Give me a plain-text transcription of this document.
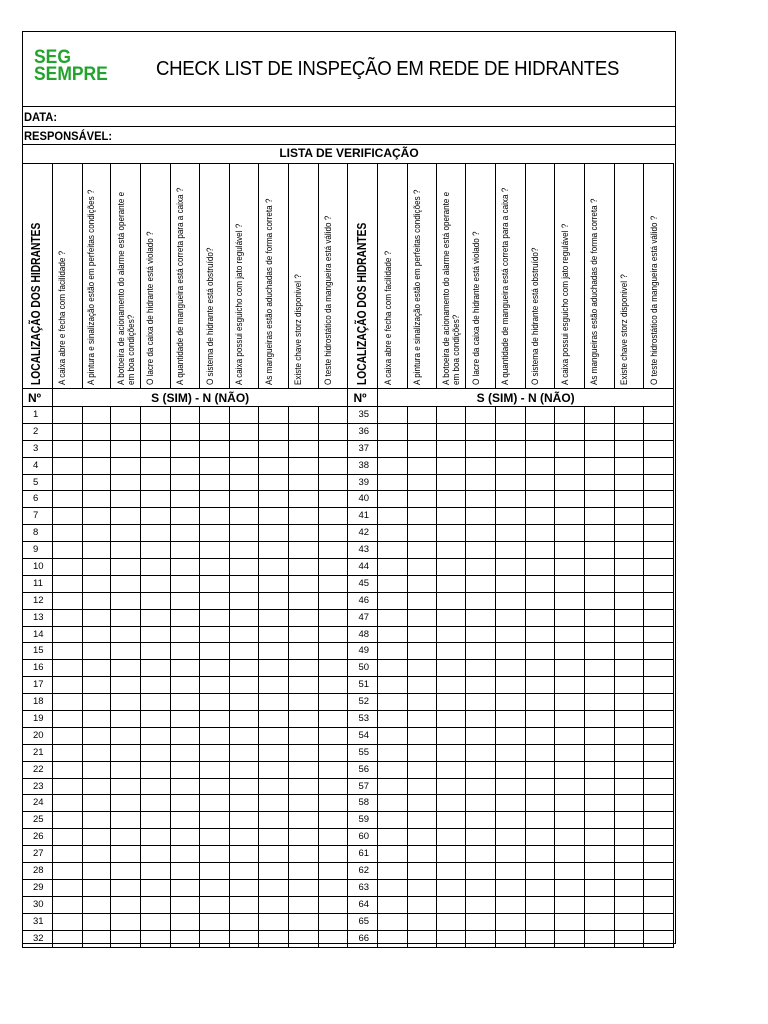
SEG
SEMPRE CHECK LIST DE INSPEÇÃO EM REDE DE HIDRANTES
DATA:
RESPONSÁVEL:
LISTA DE VERIFICAÇÃO
LOCALIZAÇÃO DOS HIDRANTES	A caixa abre e fecha com facilidade ?	A pintura e sinalização estão em perfeitas condições ?	A botoeira de acionamento do alarme está operante e em boa condições?	O lacre da caixa de hidrante está violado ?	A quantidade de mangueira está correta para a caixa ?	O sistema de hidrante está obstruído?	A caixa possui esguicho com jato regulável ?	As mangueiras estão aduchadas de forma correta ?	Existe chave storz disponivel ?	O teste hidrostático da mangueira está válido ?	LOCALIZAÇÃO DOS HIDRANTES	A caixa abre e fecha com facilidade ?	A pintura e sinalização estão em perfeitas condições ?	A botoeira de acionamento do alarme está operante e em boa condições?	O lacre da caixa de hidrante está violado ?	A quantidade de mangueira está correta para a caixa ?	O sistema de hidrante está obstruído?	A caixa possui esguicho com jato regulável ?	As mangueiras estão aduchadas de forma correta ?	Existe chave storz disponivel ?	O teste hidrostático da mangueira está válido ?

Nº	S (SIM) - N (NÃO)										Nº	S (SIM) - N (NÃO)									
1											35										
2											36										
3											37										
4											38										
5											39										
6											40										
7											41										
8											42										
9											43										
10											44										
11											45										
12											46										
13											47										
14											48										
15											49										
16											50										
17											51										
18											52										
19											53										
20											54										
21											55										
22											56										
23											57										
24											58										
25											59										
26											60										
27											61										
28											62										
29											63										
30											64										
31											65										
32											66										
